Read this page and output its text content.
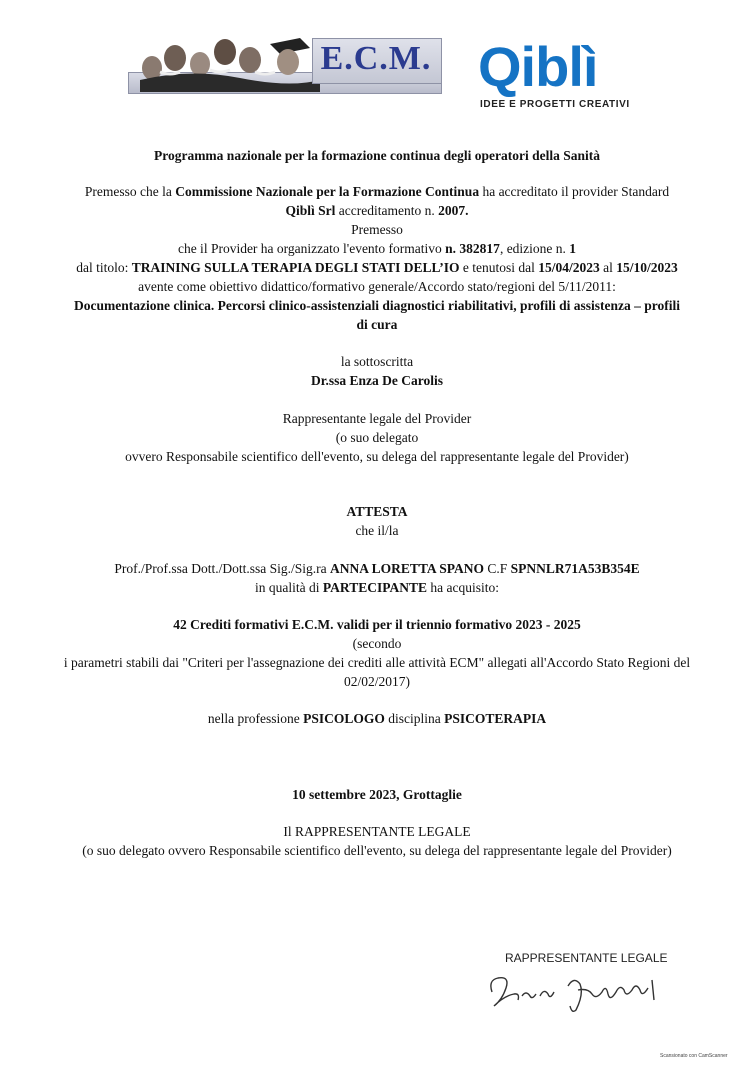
E.C.M. Qiblì
IDEE E PROGETTI CREATIVI
Programma nazionale per la formazione continua degli operatori della Sanità
Premesso che la Commissione Nazionale per la Formazione Continua ha accreditato il provider Standard
Qiblì Srl accreditamento n. 2007.
Premesso
che il Provider ha organizzato l'evento formativo n. 382817, edizione n. 1
dal titolo: TRAINING SULLA TERAPIA DEGLI STATI DELL’IO e tenutosi dal 15/04/2023 al 15/10/2023
avente come obiettivo didattico/formativo generale/Accordo stato/regioni del 5/11/2011:
Documentazione clinica. Percorsi clinico-assistenziali diagnostici riabilitativi, profili di assistenza – profili
di cura
la sottoscritta
Dr.ssa Enza De Carolis
Rappresentante legale del Provider
(o suo delegato
ovvero Responsabile scientifico dell'evento, su delega del rappresentante legale del Provider)
ATTESTA
che il/la
Prof./Prof.ssa Dott./Dott.ssa Sig./Sig.ra ANNA LORETTA SPANO C.F SPNNLR71A53B354E
in qualità di PARTECIPANTE ha acquisito:
42 Crediti formativi E.C.M. validi per il triennio formativo 2023 - 2025
(secondo
i parametri stabili dai "Criteri per l'assegnazione dei crediti alle attività ECM" allegati all'Accordo Stato Regioni del
02/02/2017)
nella professione PSICOLOGO disciplina PSICOTERAPIA
10 settembre 2023, Grottaglie
Il RAPPRESENTANTE LEGALE
(o suo delegato ovvero Responsabile scientifico dell'evento, su delega del rappresentante legale del Provider)
RAPPRESENTANTE LEGALE
Scansionato con CamScanner
